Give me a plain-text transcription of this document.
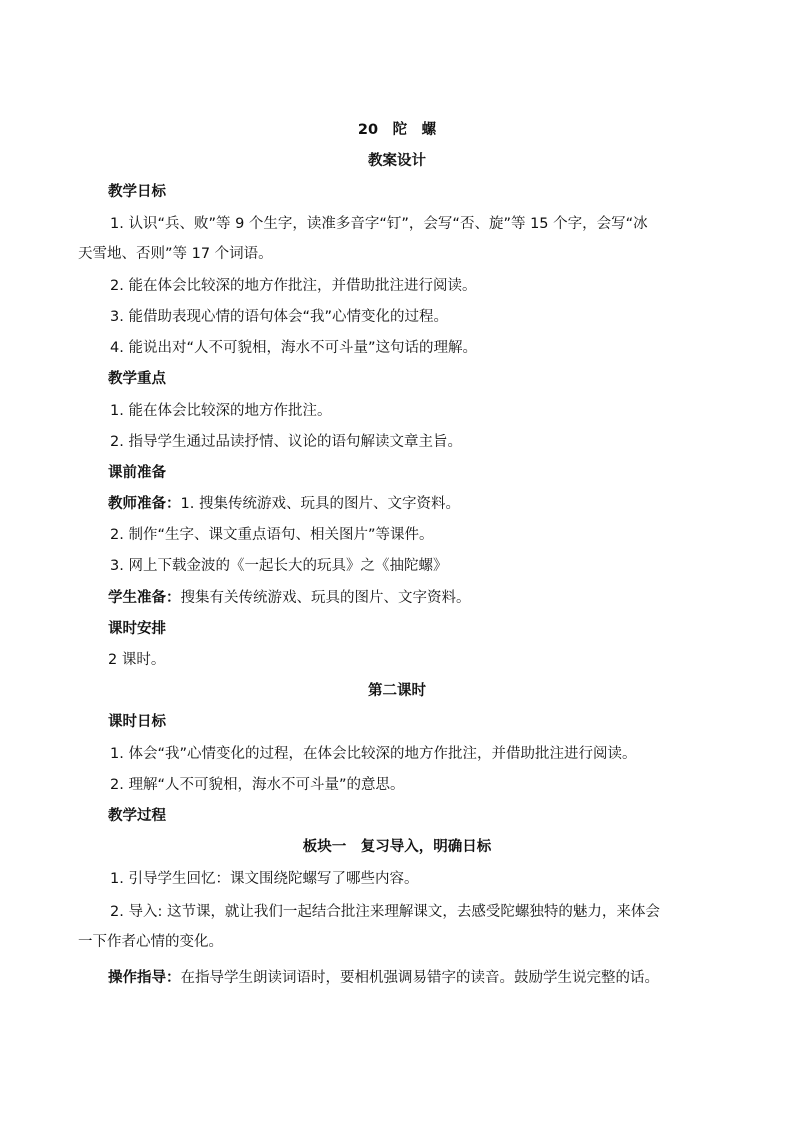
20　陀　螺
教案设计
教学日标
1. 认识“兵、败”等 9 个生字，读准多音字“钉”，会写“否、旋”等 15 个字，会写“冰
天雪地、否则”等 17 个词语。
2. 能在体会比较深的地方作批注，并借助批注进行阅读。
3. 能借助表现心情的语句体会“我”心情变化的过程。
4. 能说出对“人不可貌相，海水不可斗量”这句话的理解。
教学重点
1. 能在体会比较深的地方作批注。
2. 指导学生通过品读抒情、议论的语句解读文章主旨。
课前准备
教师准备：1. 搜集传统游戏、玩具的图片、文字资料。
2. 制作“生字、课文重点语句、相关图片”等课件。
3. 网上下载金波的《一起长大的玩具》之《抽陀螺》
学生准备：搜集有关传统游戏、玩具的图片、文字资料。
课时安排
2 课时。
第二课时
课时日标
1. 体会“我”心情变化的过程，在体会比较深的地方作批注，并借助批注进行阅读。
2. 理解“人不可貌相，海水不可斗量”的意思。
教学过程
板块一　复习导入，明确日标
1. 引导学生回忆：课文围绕陀螺写了哪些内容。
2. 导入: 这节课，就让我们一起结合批注来理解课文，去感受陀螺独特的魅力，来体会
一下作者心情的变化。
操作指导：在指导学生朗读词语时，要相机强调易错字的读音。鼓励学生说完整的话。
